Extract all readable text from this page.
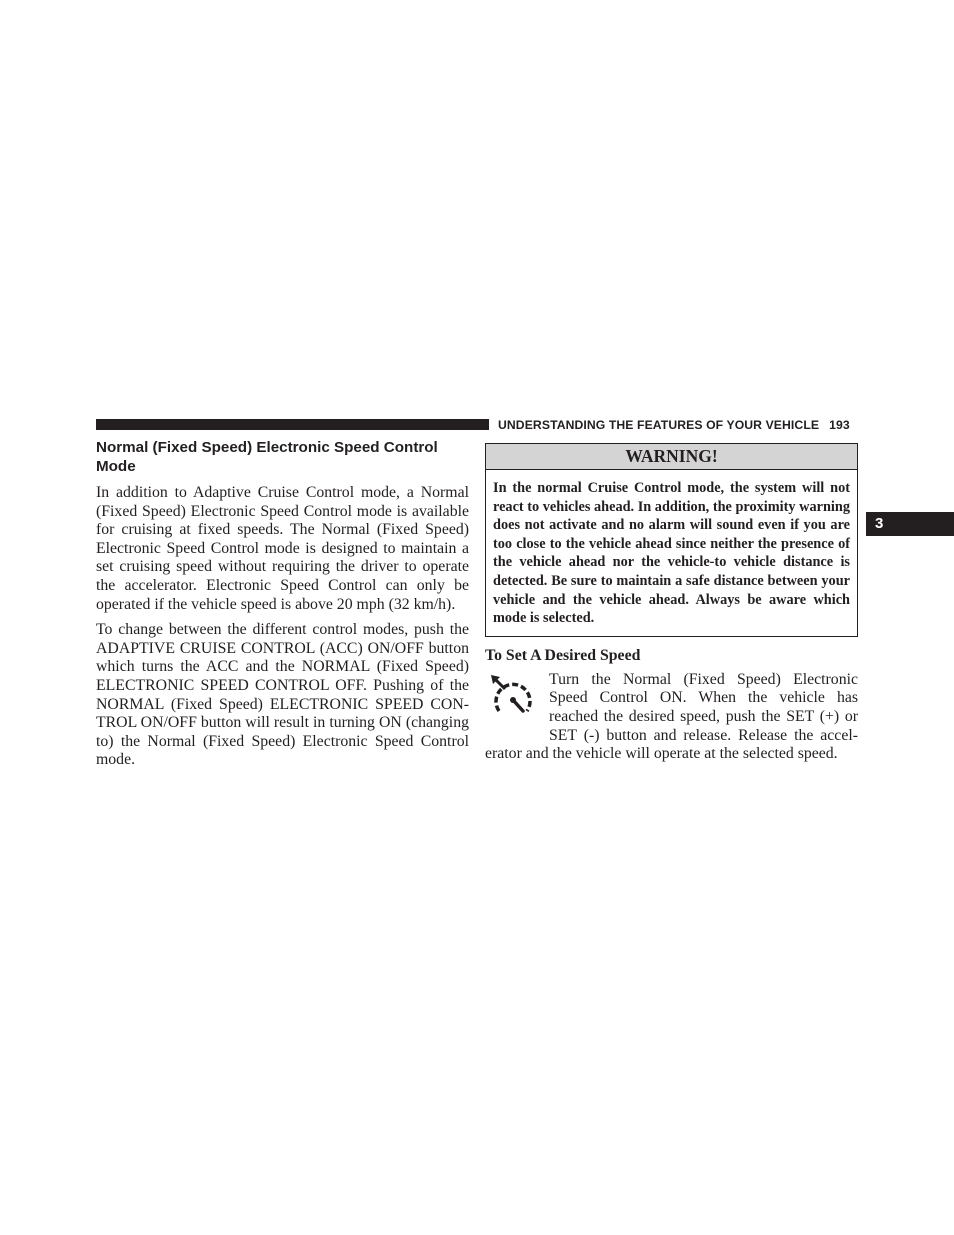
UNDERSTANDING THE FEATURES OF YOUR VEHICLE 193
3
Normal (Fixed Speed) Electronic Speed Control Mode

In addition to Adaptive Cruise Control mode, a Normal (Fixed Speed) Electronic Speed Control mode is available for cruising at fixed speeds. The Normal (Fixed Speed) Electronic Speed Control mode is designed to maintain a set cruising speed without requiring the driver to operate the accelerator. Electronic Speed Control can only be operated if the vehicle speed is above 20 mph (32 km/h).

To change between the different control modes, push the ADAPTIVE CRUISE CONTROL (ACC) ON/OFF button which turns the ACC and the NORMAL (Fixed Speed) ELECTRONIC SPEED CONTROL OFF. Pushing of the NORMAL (Fixed Speed) ELECTRONIC SPEED CONTROL ON/OFF button will result in turning ON (changing to) the Normal (Fixed Speed) Electronic Speed Control mode.

WARNING!
In the normal Cruise Control mode, the system will not react to vehicles ahead. In addition, the proximity warning does not activate and no alarm will sound even if you are too close to the vehicle ahead since neither the presence of the vehicle ahead nor the vehicle-to vehicle distance is detected. Be sure to maintain a safe distance between your vehicle and the vehicle ahead. Always be aware which mode is selected.
To Set A Desired Speed

Turn the Normal (Fixed Speed) Electronic Speed Control ON. When the vehicle has reached the desired speed, push the SET (+) or SET (-) button and release. Release the accelerator and the vehicle will operate at the selected speed.
